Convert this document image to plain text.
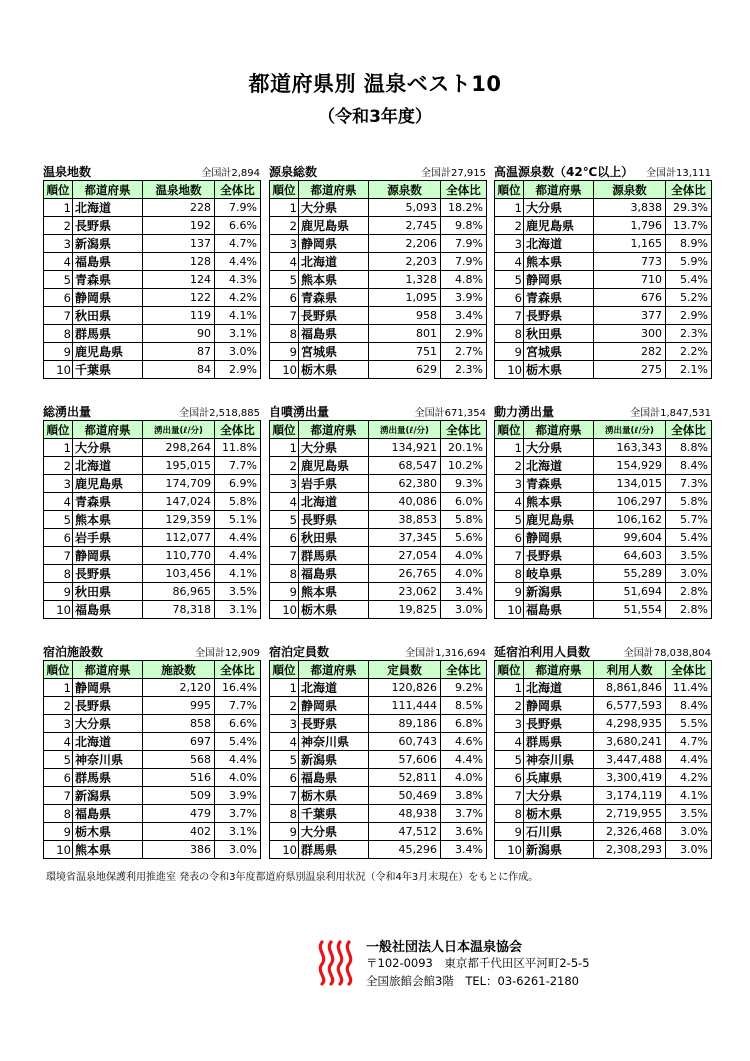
都道府県別 温泉ベスト10
（令和3年度）
温泉地数	全国計2,894
順位	都道府県	温泉地数	全体比
1	北海道	228	7.9%
2	長野県	192	6.6%
3	新潟県	137	4.7%
4	福島県	128	4.4%
5	青森県	124	4.3%
6	静岡県	122	4.2%
7	秋田県	119	4.1%
8	群馬県	90	3.1%
9	鹿児島県	87	3.0%
10	千葉県	84	2.9%
源泉総数	全国計27,915
順位	都道府県	源泉数	全体比
1	大分県	5,093	18.2%
2	鹿児島県	2,745	9.8%
3	静岡県	2,206	7.9%
4	北海道	2,203	7.9%
5	熊本県	1,328	4.8%
6	青森県	1,095	3.9%
7	長野県	958	3.4%
8	福島県	801	2.9%
9	宮城県	751	2.7%
10	栃木県	629	2.3%
高温源泉数（42℃以上） 全国計13,111
順位	都道府県	源泉数	全体比
1	大分県	3,838	29.3%
2	鹿児島県	1,796	13.7%
3	北海道	1,165	8.9%
4	熊本県	773	5.9%
5	静岡県	710	5.4%
6	青森県	676	5.2%
7	長野県	377	2.9%
8	秋田県	300	2.3%
9	宮城県	282	2.2%
10	栃木県	275	2.1%
総湧出量	全国計2,518,885
順位	都道府県	湧出量(ℓ/分)	全体比
1	大分県	298,264	11.8%
2	北海道	195,015	7.7%
3	鹿児島県	174,709	6.9%
4	青森県	147,024	5.8%
5	熊本県	129,359	5.1%
6	岩手県	112,077	4.4%
7	静岡県	110,770	4.4%
8	長野県	103,456	4.1%
9	秋田県	86,965	3.5%
10	福島県	78,318	3.1%
自噴湧出量	全国計671,354
順位	都道府県	湧出量(ℓ/分)	全体比
1	大分県	134,921	20.1%
2	鹿児島県	68,547	10.2%
3	岩手県	62,380	9.3%
4	北海道	40,086	6.0%
5	長野県	38,853	5.8%
6	秋田県	37,345	5.6%
7	群馬県	27,054	4.0%
8	福島県	26,765	4.0%
9	熊本県	23,062	3.4%
10	栃木県	19,825	3.0%
動力湧出量	全国計1,847,531
順位	都道府県	湧出量(ℓ/分)	全体比
1	大分県	163,343	8.8%
2	北海道	154,929	8.4%
3	青森県	134,015	7.3%
4	熊本県	106,297	5.8%
5	鹿児島県	106,162	5.7%
6	静岡県	99,604	5.4%
7	長野県	64,603	3.5%
8	岐阜県	55,289	3.0%
9	新潟県	51,694	2.8%
10	福島県	51,554	2.8%
宿泊施設数	全国計12,909
順位	都道府県	施設数	全体比
1	静岡県	2,120	16.4%
2	長野県	995	7.7%
3	大分県	858	6.6%
4	北海道	697	5.4%
5	神奈川県	568	4.4%
6	群馬県	516	4.0%
7	新潟県	509	3.9%
8	福島県	479	3.7%
9	栃木県	402	3.1%
10	熊本県	386	3.0%
宿泊定員数	全国計1,316,694
順位	都道府県	定員数	全体比
1	北海道	120,826	9.2%
2	静岡県	111,444	8.5%
3	長野県	89,186	6.8%
4	神奈川県	60,743	4.6%
5	新潟県	57,606	4.4%
6	福島県	52,811	4.0%
7	栃木県	50,469	3.8%
8	千葉県	48,938	3.7%
9	大分県	47,512	3.6%
10	群馬県	45,296	3.4%
延宿泊利用人員数	全国計78,038,804
順位	都道府県	利用人数	全体比
1	北海道	8,861,846	11.4%
2	静岡県	6,577,593	8.4%
3	長野県	4,298,935	5.5%
4	群馬県	3,680,241	4.7%
5	神奈川県	3,447,488	4.4%
6	兵庫県	3,300,419	4.2%
7	大分県	3,174,119	4.1%
8	栃木県	2,719,955	3.5%
9	石川県	2,326,468	3.0%
10	新潟県	2,308,293	3.0%
環境省温泉地保護利用推進室 発表の令和3年度都道府県別温泉利用状況（令和4年3月末現在）をもとに作成。
一般社団法人日本温泉協会
〒102-0093　東京都千代田区平河町2-5-5
全国旅館会館3階　TEL：03-6261-2180
